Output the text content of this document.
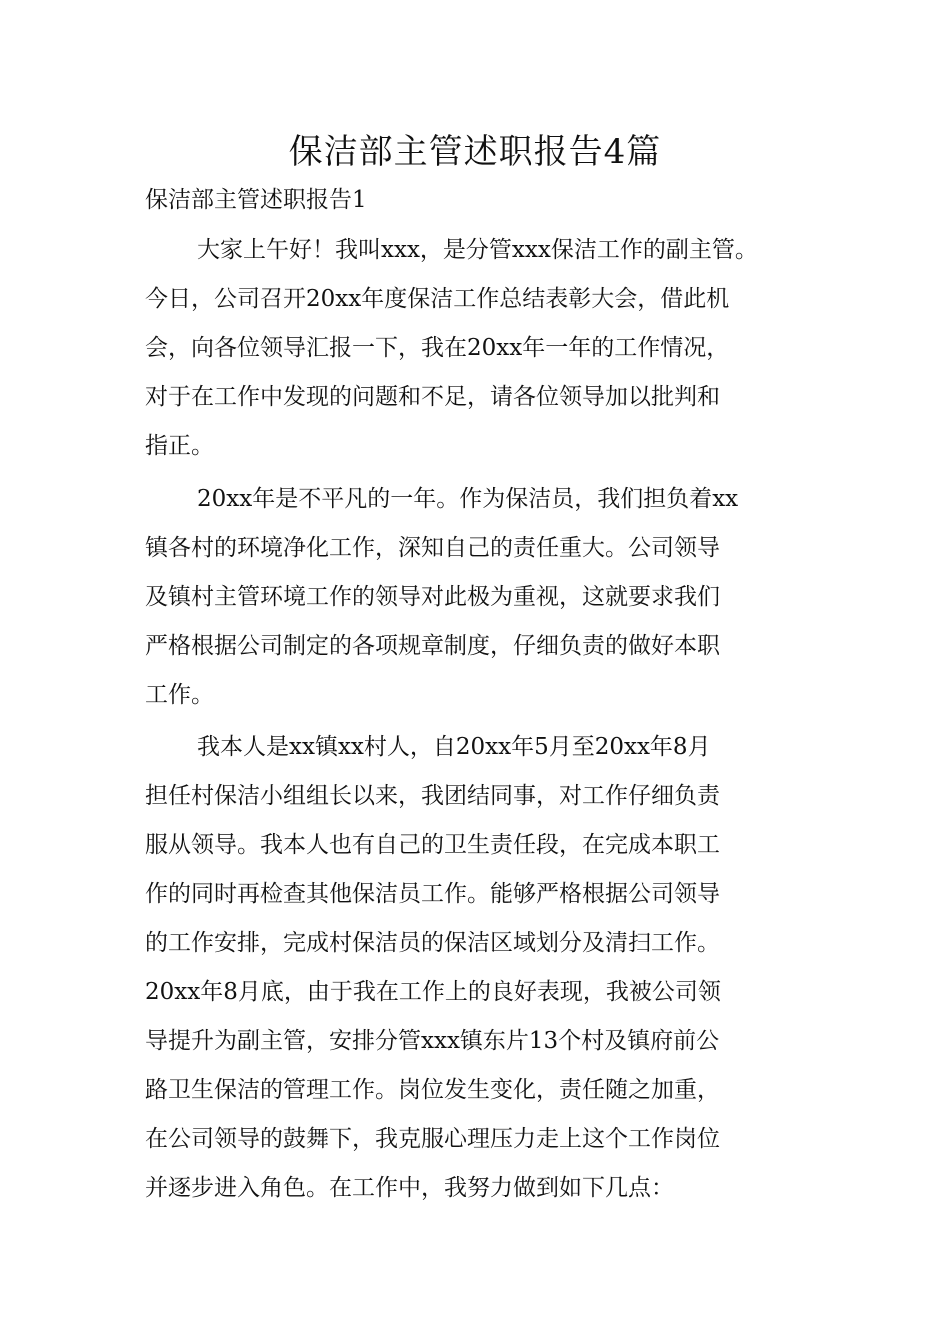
保洁部主管述职报告4篇

保洁部主管述职报告1

大家上午好！我叫xxx，是分管xxx保洁工作的副主管。

今日，公司召开20xx年度保洁工作总结表彰大会，借此机

会，向各位领导汇报一下，我在20xx年一年的工作情况，

对于在工作中发现的问题和不足，请各位领导加以批判和

指正。

20xx年是不平凡的一年。作为保洁员，我们担负着xx

镇各村的环境净化工作，深知自己的责任重大。公司领导

及镇村主管环境工作的领导对此极为重视，这就要求我们

严格根据公司制定的各项规章制度，仔细负责的做好本职

工作。

我本人是xx镇xx村人，自20xx年5月至20xx年8月

担任村保洁小组组长以来，我团结同事，对工作仔细负责

服从领导。我本人也有自己的卫生责任段，在完成本职工

作的同时再检查其他保洁员工作。能够严格根据公司领导

的工作安排，完成村保洁员的保洁区域划分及清扫工作。

20xx年8月底，由于我在工作上的良好表现，我被公司领

导提升为副主管，安排分管xxx镇东片13个村及镇府前公

路卫生保洁的管理工作。岗位发生变化，责任随之加重，

在公司领导的鼓舞下，我克服心理压力走上这个工作岗位

并逐步进入角色。在工作中，我努力做到如下几点：
